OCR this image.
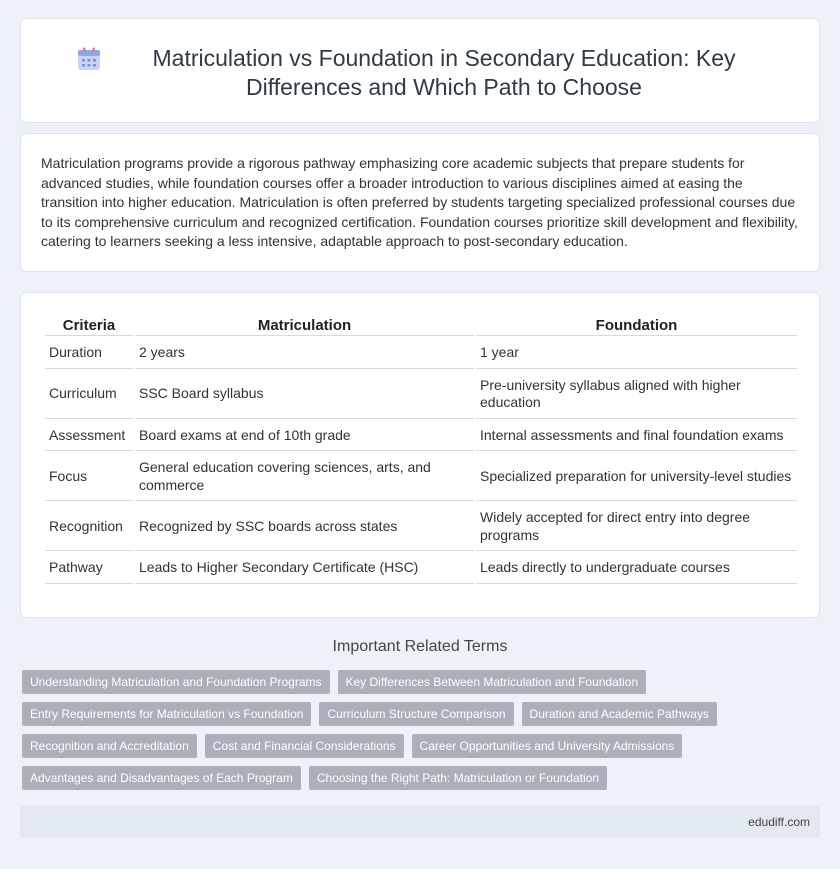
Matriculation vs Foundation in Secondary Education: Key Differences and Which Path to Choose

Matriculation programs provide a rigorous pathway emphasizing core academic subjects that prepare students for advanced studies, while foundation courses offer a broader introduction to various disciplines aimed at easing the transition into higher education. Matriculation is often preferred by students targeting specialized professional courses due to its comprehensive curriculum and recognized certification. Foundation courses prioritize skill development and flexibility, catering to learners seeking a less intensive, adaptable approach to post-secondary education.

Criteria	Matriculation	Foundation
Duration	2 years	1 year
Curriculum	SSC Board syllabus	Pre-university syllabus aligned with higher education
Assessment	Board exams at end of 10th grade	Internal assessments and final foundation exams
Focus	General education covering sciences, arts, and commerce	Specialized preparation for university-level studies
Recognition	Recognized by SSC boards across states	Widely accepted for direct entry into degree programs
Pathway	Leads to Higher Secondary Certificate (HSC)	Leads directly to undergraduate courses
Important Related Terms
Understanding Matriculation and Foundation Programs	Key Differences Between Matriculation and Foundation
Entry Requirements for Matriculation vs Foundation	Curriculum Structure Comparison	Duration and Academic Pathways
Recognition and Accreditation	Cost and Financial Considerations	Career Opportunities and University Admissions
Advantages and Disadvantages of Each Program	Choosing the Right Path: Matriculation or Foundation
edudiff.com
